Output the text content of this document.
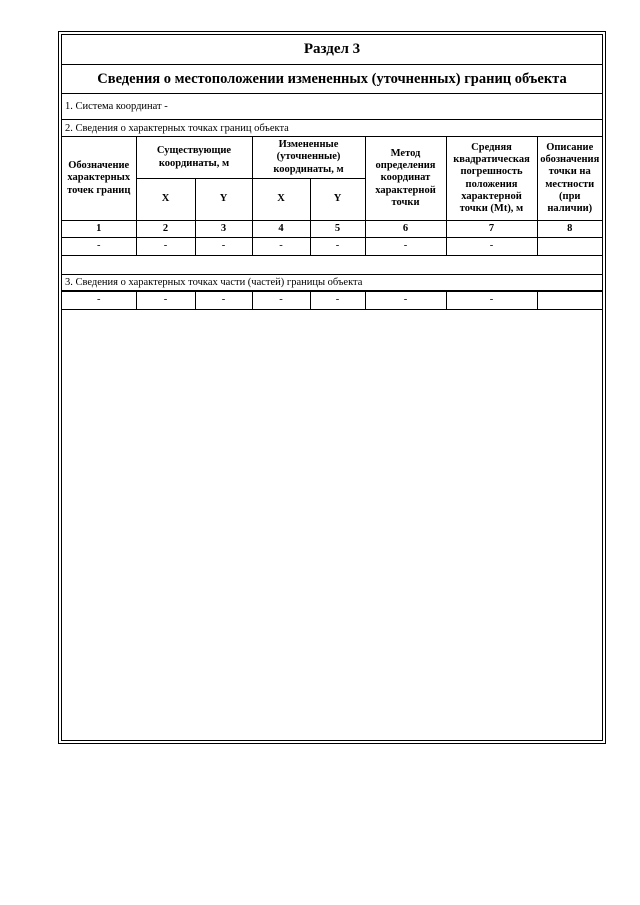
Раздел 3
Сведения о местоположении измененных (уточненных) границ объекта
1. Система координат -
2. Сведения о характерных точках границ объекта
Обозначение характерных точек границ	Существующие координаты, м		Измененные (уточненные) координаты, м		Метод определения координат характерной точки	Средняя квадратическая погрешность положения характерной точки (Mt), м	Описание обозначения точки на местности (при наличии)
	X	Y	X	Y			
1	2	3	4	5	6	7	8
-	-	-	-	-	-	-	
3. Сведения о характерных точках части (частей) границы объекта
-	-	-	-	-	-	-	
